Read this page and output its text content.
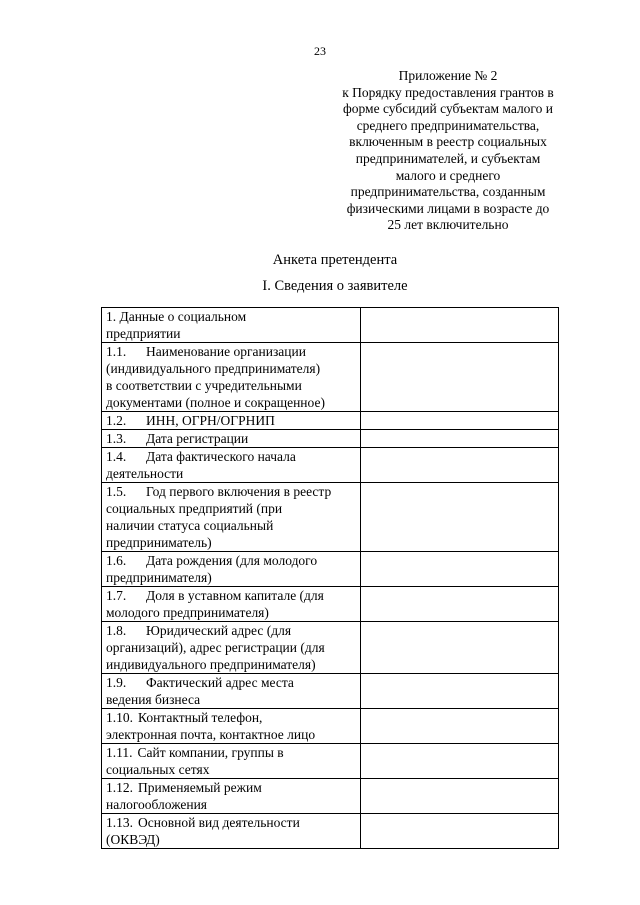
23
Приложение № 2
к Порядку предоставления грантов в
форме субсидий субъектам малого и
среднего предпринимательства,
включенным в реестр социальных
предпринимателей, и субъектам
малого и среднего
предпринимательства, созданным
физическими лицами в возрасте до
25 лет включительно
Анкета претендента
I. Сведения о заявителе
1. Данные о социальном
предприятии	

1.1. Наименование организации
(индивидуального предпринимателя)
в соответствии с учредительными
документами (полное и сокращенное)	

1.2. ИНН, ОГРН/ОГРНИП	

1.3. Дата регистрации	

1.4. Дата фактического начала
деятельности	

1.5. Год первого включения в реестр
социальных предприятий (при
наличии статуса социальный
предприниматель)	

1.6. Дата рождения (для молодого
предпринимателя)	

1.7. Доля в уставном капитале (для
молодого предпринимателя)	

1.8. Юридический адрес (для
организаций), адрес регистрации (для
индивидуального предпринимателя)	

1.9. Фактический адрес места
ведения бизнеса	

1.10. Контактный телефон,
электронная почта, контактное лицо	

1.11. Сайт компании, группы в
социальных сетях	

1.12. Применяемый режим
налогообложения	

1.13. Основной вид деятельности
(ОКВЭД)	
